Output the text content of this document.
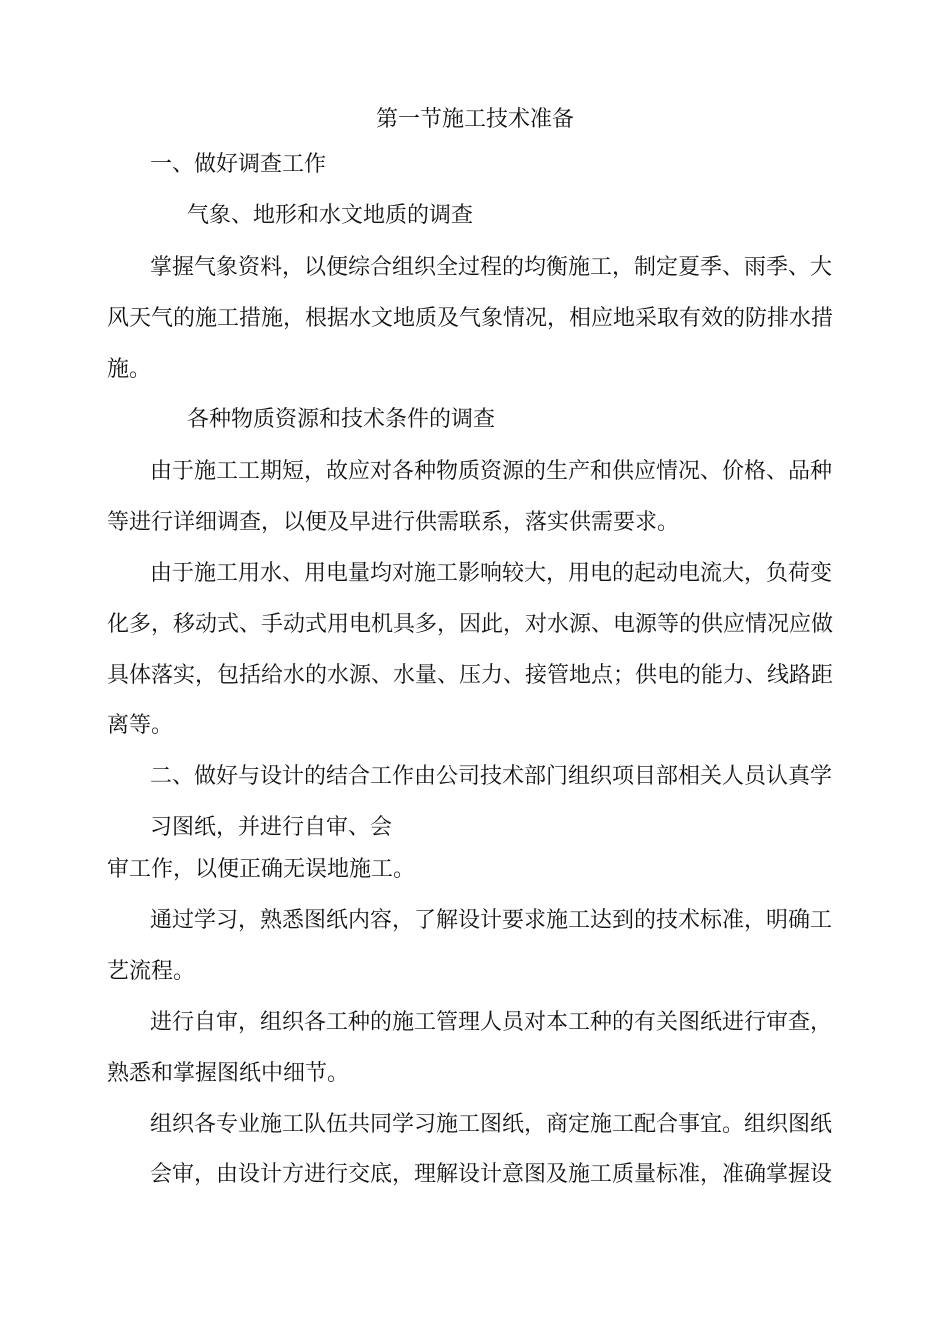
第一节施工技术准备
一、做好调查工作
气象、地形和水文地质的调查
掌握气象资料，以便综合组织全过程的均衡施工，制定夏季、雨季、大
风天气的施工措施，根据水文地质及气象情况，相应地采取有效的防排水措
施。
各种物质资源和技术条件的调查
由于施工工期短，故应对各种物质资源的生产和供应情况、价格、品种
等进行详细调查，以便及早进行供需联系，落实供需要求。
由于施工用水、用电量均对施工影响较大，用电的起动电流大，负荷变
化多，移动式、手动式用电机具多，因此，对水源、电源等的供应情况应做
具体落实，包括给水的水源、水量、压力、接管地点；供电的能力、线路距
离等。
二、做好与设计的结合工作由公司技术部门组织项目部相关人员认真学
习图纸，并进行自审、会
审工作，以便正确无误地施工。
通过学习，熟悉图纸内容，了解设计要求施工达到的技术标准，明确工
艺流程。
进行自审，组织各工种的施工管理人员对本工种的有关图纸进行审查，
熟悉和掌握图纸中细节。
组织各专业施工队伍共同学习施工图纸，商定施工配合事宜。组织图纸
会审，由设计方进行交底，理解设计意图及施工质量标准，准确掌握设
